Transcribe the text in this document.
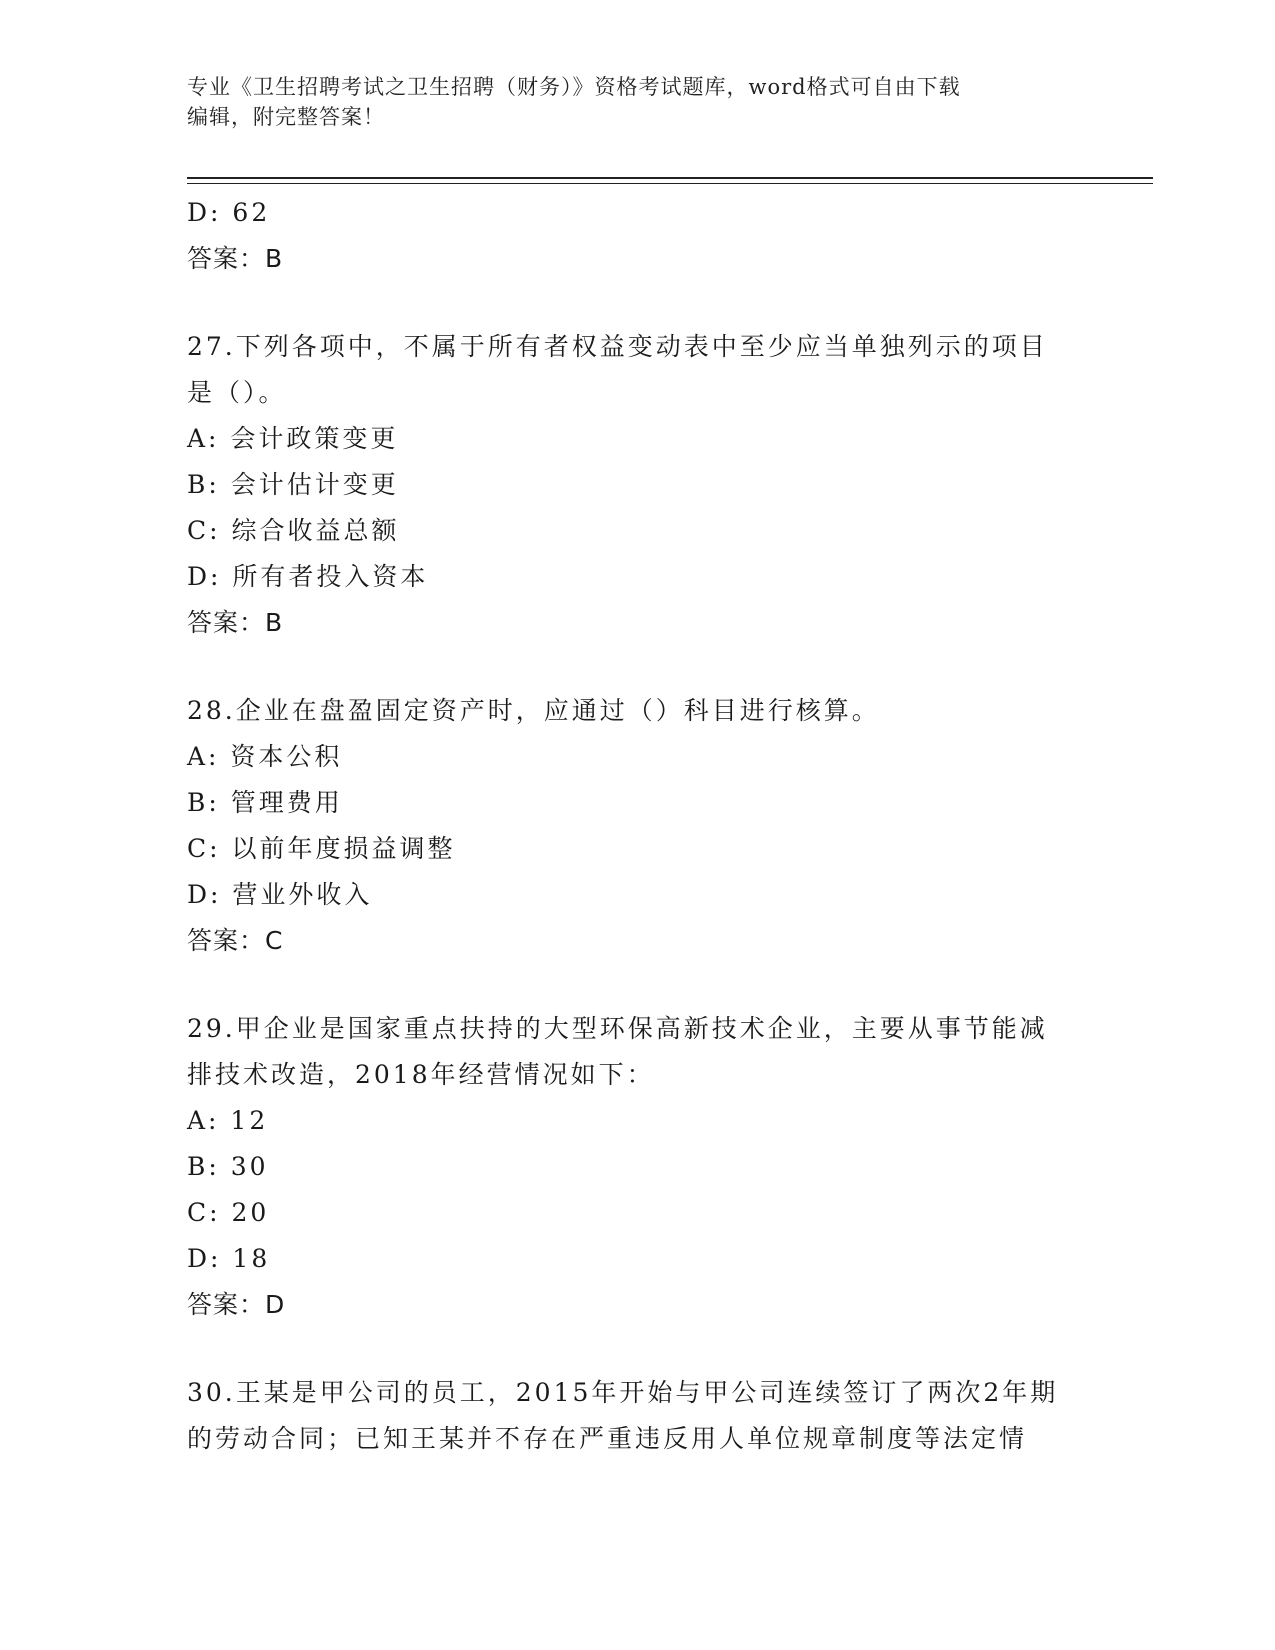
专业《卫生招聘考试之卫生招聘（财务）》资格考试题库，word格式可自由下载
编辑，附完整答案！
D: 62
答案：B
27.下列各项中，不属于所有者权益变动表中至少应当单独列示的项目
是（）。
A: 会计政策变更
B: 会计估计变更
C: 综合收益总额
D: 所有者投入资本
答案：B
28.企业在盘盈固定资产时，应通过（）科目进行核算。
A: 资本公积
B: 管理费用
C: 以前年度损益调整
D: 营业外收入
答案：C
29.甲企业是国家重点扶持的大型环保高新技术企业，主要从事节能减
排技术改造，2018年经营情况如下：
A: 12
B: 30
C: 20
D: 18
答案：D
30.王某是甲公司的员工，2015年开始与甲公司连续签订了两次2年期
的劳动合同；已知王某并不存在严重违反用人单位规章制度等法定情
